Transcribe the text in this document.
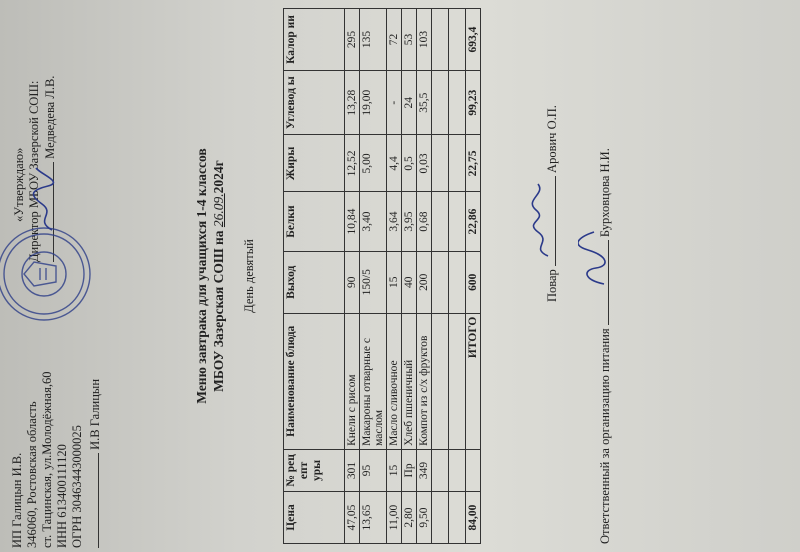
ИП Галицын И.В. 346060, Ростовская область ст. Тацинская, ул.Молодёжная,60 ИНН 613400111120 ОГРН 30463443000025
И.В Галицын
«Утверждаю» Директор МБОУ Зазерской СОШ: Медведева Л.В.
Меню завтрака для учащихся 1-4 классов МБОУ Зазерская СОШ на 26.09.2024г
День девятый
Цена	№ рец епт уры	Наименование блюда	Выход	Белки	Жиры	Углевод ы	Калор ии
47,05	301	Кнели с рисом	90	10,84	12,52	13,28	295
13,65	95	Макароны отварные с маслом	150/5	3,40	5,00	19,00	135
11,00	15	Масло сливочное	15	3,64	4,4	-	72
2,80	Пр	Хлеб пшеничный	40	3,95	0,5	24	53
9,50	349	Компот из с/х фруктов	200	0,68	0,03	35,5	103

84,00		ИТОГО	600	22,86	22,75	99,23	693,4
Повар  Арович О.П.
Ответственный за организацию питания  Бурховцова Н.И.
